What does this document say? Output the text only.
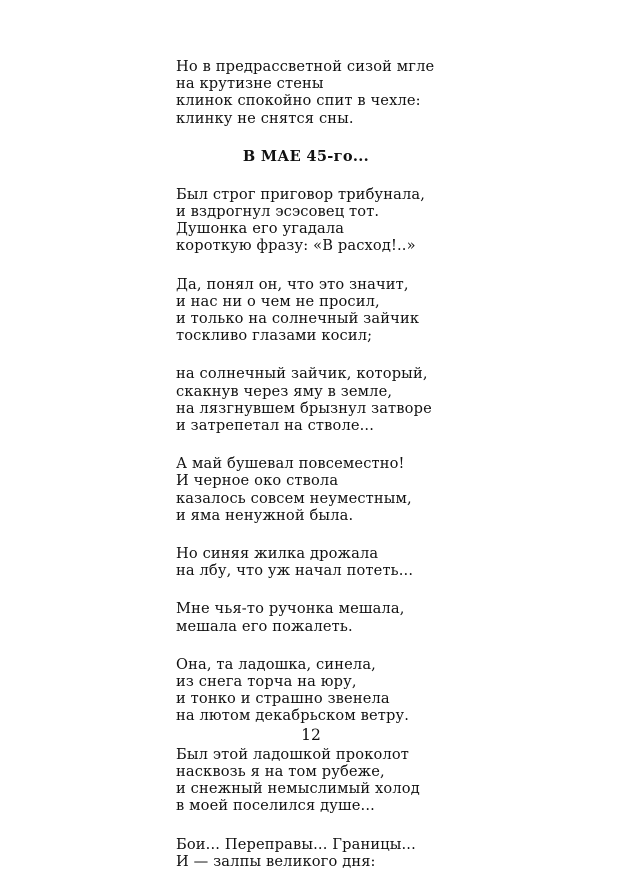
Но в предрассветной сизой мгле
на крутизне стены
клинок спокойно спит в чехле:
клинку не снятся сны.
В МАЕ 45-го...
Был строг приговор трибунала,
и вздрогнул эсэсовец тот.
Душонка его угадала
короткую фразу: «В расход!..»
Да, понял он, что это значит,
и нас ни о чем не просил,
и только на солнечный зайчик
тоскливо глазами косил;
на солнечный зайчик, который,
скакнув через яму в земле,
на лязгнувшем брызнул затворе
и затрепетал на стволе...
А май бушевал повсеместно!
И черное око ствола
казалось совсем неуместным,
и яма ненужной была.
Но синяя жилка дрожала
на лбу, что уж начал потеть...
Мне чья-то ручонка мешала,
мешала его пожалеть.
Она, та ладошка, синела,
из снега торча на юру,
и тонко и страшно звенела
на лютом декабрьском ветру.
Был этой ладошкой проколот
насквозь я на том рубеже,
и снежный немыслимый холод
в моей поселился душе...
Бои... Переправы... Границы...
И — залпы великого дня:
12
